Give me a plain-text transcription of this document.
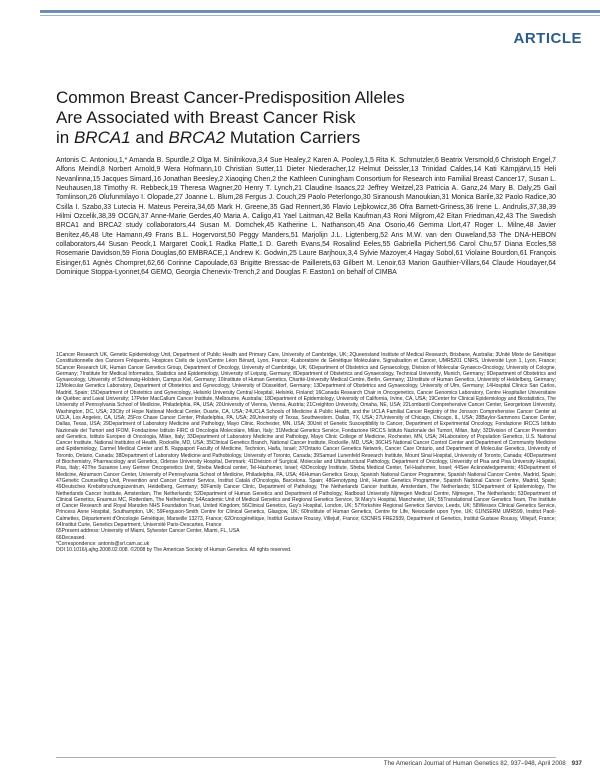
ARTICLE
Common Breast Cancer-Predisposition Alleles
Are Associated with Breast Cancer Risk
in BRCA1 and BRCA2 Mutation Carriers
Antonis C. Antoniou,1,* Amanda B. Spurdle,2 Olga M. Sinilnikova,3,4 Sue Healey,2 Karen A. Pooley,1,5 Rita K. Schmutzler,6 Beatrix Versmold,6 Christoph Engel,7 Alfons Meindl,8 Norbert Arnold,9 Wera Hofmann,10 Christian Sutter,11 Dieter Niederacher,12 Helmut Deissler,13 Trinidad Caldes,14 Kati Kämpjärvi,15 Heli Nevanlinna,15 Jacques Simard,16 Jonathan Beesley,2 Xiaoqing Chen,2 the Kathleen Cuningham Consortium for Research into Familial Breast Cancer17, Susan L. Neuhausen,18 Timothy R. Rebbeck,19 Theresa Wagner,20 Henry T. Lynch,21 Claudine Isaacs,22 Jeffrey Weitzel,23 Patricia A. Ganz,24 Mary B. Daly,25 Gail Tomlinson,26 Olufunmilayo I. Olopade,27 Joanne L. Blum,28 Fergus J. Couch,29 Paolo Peterlongo,30 Siranoush Manoukian,31 Monica Barile,32 Paolo Radice,30 Csilla I. Szabo,33 Lutecia H. Mateus Pereira,34,65 Mark H. Greene,35 Gad Rennert,36 Flavio Lejbkowicz,36 Ofra Barnett-Griness,36 Irene L. Andrulis,37,38,39 Hilmi Ozcelik,38,39 OCGN,37 Anne-Marie Gerdes,40 Maria A. Caligo,41 Yael Laitman,42 Bella Kaufman,43 Roni Milgrom,42 Eitan Friedman,42,43 The Swedish BRCA1 and BRCA2 study collaborators,44 Susan M. Domchek,45 Katherine L. Nathanson,45 Ana Osorio,46 Gemma Llort,47 Roger L. Milne,48 Javier Benítez,46,48 Ute Hamann,49 Frans B.L. Hogervorst,50 Peggy Manders,51 Marjolijn J.L. Ligtenberg,52 Ans M.W. van den Ouweland,53 The DNA-HEBON collaborators,44 Susan Peock,1 Margaret Cook,1 Radka Platte,1 D. Gareth Evans,54 Rosalind Eeles,55 Gabriella Pichert,56 Carol Chu,57 Diana Eccles,58 Rosemarie Davidson,59 Fiona Douglas,60 EMBRACE,1 Andrew K. Godwin,25 Laure Barjhoux,3,4 Sylvie Mazoyer,4 Hagay Sobol,61 Violaine Bourdon,61 François Eisinger,61 Agnès Chompret,62,66 Corinne Capoulade,63 Brigitte Bressac-de Paillerets,63 Gilbert M. Lenoir,63 Marion Gauthier-Villars,64 Claude Houdayer,64 Dominique Stoppa-Lyonnet,64 GEMO, Georgia Chenevix-Trench,2 and Douglas F. Easton1 on behalf of CIMBA

1Cancer Research UK, Genetic Epidemiology Unit, Department of Public Health and Primary Care, University of Cambridge, UK; 2Queensland Institute of Medical Research, Brisbane, Australia; 3Unité Mixte de Génétique Constitutionnelle des Cancers Fréquents, Hospices Civils de Lyon/Centre Léon Bérard, Lyon, France; 4Laboratoire de Génétique Moléculaire, Signalisation et Cancer, UMR5201 CNRS, Université Lyon 1, Lyon, France; 5Cancer Research UK, Human Cancer Genetics Group, Department of Oncology, University of Cambridge, UK; 6Department of Obstetrics and Gynaecology, Division of Molecular Gynaeco-Oncology, University of Cologne, Germany; 7Institute for Medical Informatics, Statistics and Epidemiology, University of Leipzig, Germany; 8Department of Obstetrics and Gynaecology, Technical University, Munich, Germany; 9Department of Obstetrics and Gynaecology, University of Schleswig-Holstein, Campus Kiel, Germany; 10Institute of Human Genetics, Charité-University Medical Centre, Berlin, Germany; 11Institute of Human Genetics, University of Heidelberg, Germany; 12Molecular Genetics Laboratory, Department of Obstetrics and Gynecology, University of Düsseldorf, Germany; 13Department of Obstetrics and Gynaecology, University of Ulm, Germany; 14Hospital Clínico San Carlos, Madrid, Spain; 15Department of Obstetrics and Gynecology, Helsinki University Central Hospital, Helsinki, Finland; 16Canada Research Chair in Oncogenetics, Cancer Genomics Laboratory, Centre Hospitalier Universitaire de Québec and Laval University; 17Peter MacCallum Cancer Institute, Melbourne, Australia; 18Department of Epidemiology, University of California, Irvine, CA, USA; 19Center for Clinical Epidemiology and Biostatistics, The University of Pennsylvania School of Medicine, Philadelphia, PA, USA; 20University of Vienna, Vienna, Austria; 21Creighton University, Omaha, NE, USA; 22Lombardi Comprehensive Cancer Center, Georgetown University, Washington, DC, USA; 23City of Hope National Medical Center, Duarte, CA, USA; 24UCLA Schools of Medicine & Public Health, and the UCLA Familial Cancer Registry of the Jonsson Comprehensive Cancer Center at UCLA, Los Angeles, CA, USA; 25Fox Chase Cancer Center, Philadelphia, PA, USA; 26University of Texas, Southwestern, Dallas, TX, USA; 27University of Chicago, Chicago, IL, USA; 28Baylor-Sammons Cancer Center, Dallas, Texas, USA; 29Department of Laboratory Medicine and Pathology, Mayo Clinic, Rochester, MN, USA; 30Unit of Genetic Susceptibility to Cancer, Department of Experimental Oncology, Fondazione IRCCS Istituto Nazionale dei Tumori and IFOM, Fondazione Istituto FIRC di Oncologia Molecolare, Milan, Italy; 31Medical Genetics Service, Fondazione IRCCS Istituto Nazionale dei Tumori, Milan, Italy; 32Division of Cancer Prevention and Genetics, Istituto Europeo di Oncologia, Milan, Italy; 33Department of Laboratory Medicine and Pathology, Mayo Clinic College of Medicine, Rochester, MN, USA; 34Laboratory of Population Genetics, U.S. National Cancer Institute, National Institutes of Health, Rockville, MD, USA; 35Clinical Genetics Branch, National Cancer Institute, Rockville, MD, USA; 36CHS National Cancer Control Center and Department of Community Medicine and Epidemiology, Carmel Medical Center and B. Rappaport Faculty of Medicine, Technion, Haifa, Israel; 37Ontario Cancer Genetics Network, Cancer Care Ontario, and Department of Molecular Genetics, University of Toronto, Ontario, Canada; 38Department of Laboratory Medicine and Pathobiology, University of Toronto, Canada; 39Samuel Lunenfeld Research Institute, Mount Sinai Hospital, University of Toronto, Canada; 40Department of Biochemistry, Pharmacology and Genetics, Odense University Hospital, Denmark; 41Division of Surgical, Molecular and Ultrastructural Pathology, Department of Oncology, University of Pisa and Pisa University Hospital, Pisa, Italy; 42The Susanne Levy Gertner Oncogenetics Unit, Sheba Medical center, Tel-Hashomer, Israel; 43Oncology Institute, Sheba Medical Center, Tel-Hashomer, Israel; 44See Acknowledgements; 45Department of Medicine, Abramson Cancer Center, University of Pennsylvania School of Medicine, Philadelphia, PA, USA; 46Human Genetics Group, Spanish National Cancer Programme, Spanish National Cancer Centre, Madrid, Spain; 47Genetic Counselling Unit, Prevention and Cancer Control Service, Institut Català d'Oncologia, Barcelona, Spain; 48Genotyping Unit, Human Genetics Programme, Spanish National Cancer Centre, Madrid, Spain; 49Deutsches Krebsforschungszentrum, Heidelberg, Germany; 50Family Cancer Clinic, Department of Pathology, The Netherlands Cancer Institute, Amsterdam, The Netherlands; 51Department of Epidemiology, The Netherlands Cancer Institute, Amsterdam, The Netherlands; 52Department of Human Genetics and Department of Pathology, Radboud University Nijmegen Medical Centre, Nijmegen, The Netherlands; 53Department of Clinical Genetics, Erasmus MC, Rotterdam, The Netherlands; 54Academic Unit of Medical Genetics and Regional Genetics Service, St Mary's Hospital, Manchester, UK; 55Translational Cancer Genetics Team, The Institute of Cancer Research and Royal Marsden NHS Foundation Trust, United Kingdom; 56Clinical Genetics, Guy's Hospital, London, UK; 57Yorkshire Regional Genetics Service, Leeds, UK; 58Wessex Clinical Genetics Service, Princess Anne Hospital, Southampton, UK; 59Ferguson-Smith Centre for Clinical Genetics, Glasgow, UK; 60Institute of Human Genetics, Centre for Life, Newcastle upon Tyne, UK; 61INSERM UMR599, Institut Paoli-Calmettes, Département d'Oncologie Génétique, Marseille 13273, France; 62Oncogénétique, Institut Gustave Roussy, Villejuif, France; 63CNRS FRE2939, Department of Genetics, Institut Gustave Roussy, Villejuif, France; 64Institut Curie, Genetics Department, Université Paris-Descartes, France

65Present address: University of Miami, Sylvester Cancer Center, Miami, FL, USA

66Deceased.

*Correspondence: antonis@srl.cam.ac.uk

DOI 10.1016/j.ajhg.2008.02.008. ©2008 by The American Society of Human Genetics. All rights reserved.

The American Journal of Human Genetics 82, 937–948, April 2008 937
